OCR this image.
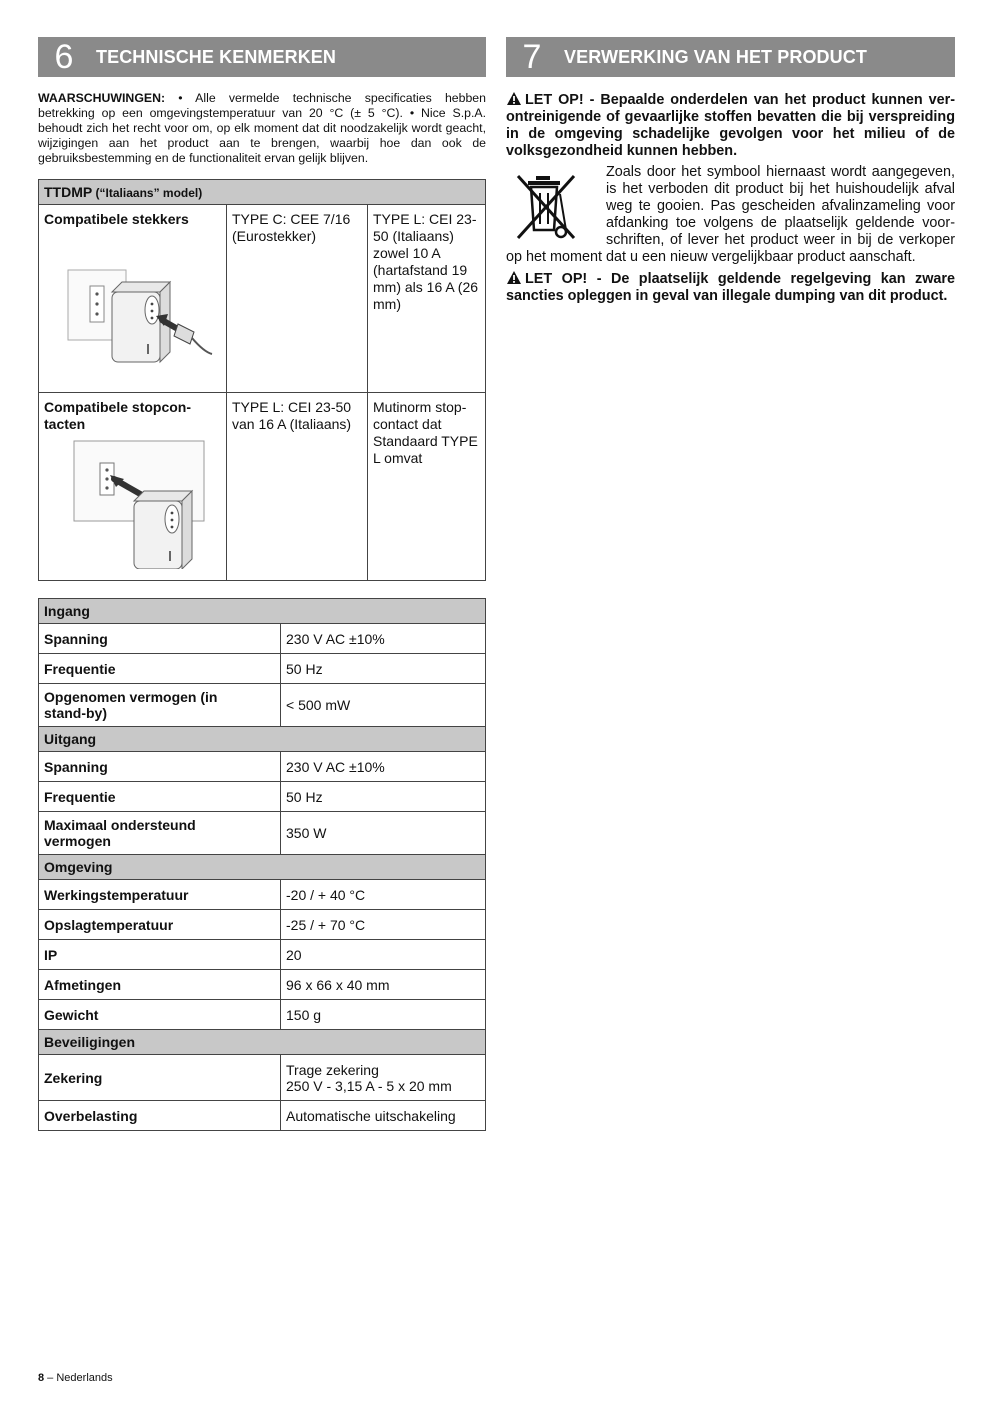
6	TECHNISCHE KENMERKEN
WAARSCHUWINGEN: • Alle vermelde technische specificaties hebben betrekking op een omgevingstemperatuur van 20 °C (± 5 °C). • Nice S.p.A. behoudt zich het recht voor om, op elk moment dat dit noodzakelijk wordt geacht, wijzigingen aan het product aan te brengen, waarbij hoe dan ook de gebruiksbestemming en de functionaliteit ervan gelijk blijven.
TTDMP (“Italiaans” model)		

Compatibele stekkers	TYPE C: CEE 7/16 (Eurostekker)	TYPE L: CEI 23-50 (Italiaans) zowel 10 A (hartafstand 19 mm) als 16 A (26 mm)

Compatibele stopcontacten	TYPE L: CEI 23-50 van 16 A (Italiaans)	Mutinorm stopcontact dat Standaard TYPE L omvat
Ingang	
Spanning	230 V AC ±10%
Frequentie	50 Hz

Opgenomen vermogen (in stand-by)	< 500 mW
Uitgang	
Spanning	230 V AC ±10%
Frequentie	50 Hz

Maximaal ondersteund vermogen	350 W
Omgeving	
Werkingstemperatuur	-20 / + 40 °C
Opslagtemperatuur	-25 / + 70 °C
IP	20
Afmetingen	96 x 66 x 40 mm
Gewicht	150 g
Beveiligingen	
Zekering	Trage zekering
250 V - 3,15 A - 5 x 20 mm

Overbelasting	Automatische uitschakeling
7	VERWERKING VAN HET PRODUCT
LET OP! - Bepaalde onderdelen van het product kunnen verontreinigende of gevaarlijke stoffen bevatten die bij verspreiding in de omgeving schadelijke gevolgen voor het milieu of de volksgezondheid kunnen hebben.
Zoals door het symbool hiernaast wordt aangegeven, is het verboden dit product bij het huishoudelijk afval weg te gooien. Pas gescheiden afvalinzameling voor afdanking toe volgens de plaatselijk geldende voorschriften, of lever het product weer in bij de verkoper op het moment dat u een nieuw vergelijkbaar product aanschaft.
LET OP! - De plaatselijk geldende regelgeving kan zware sancties opleggen in geval van illegale dumping van dit product.
8 – Nederlands
